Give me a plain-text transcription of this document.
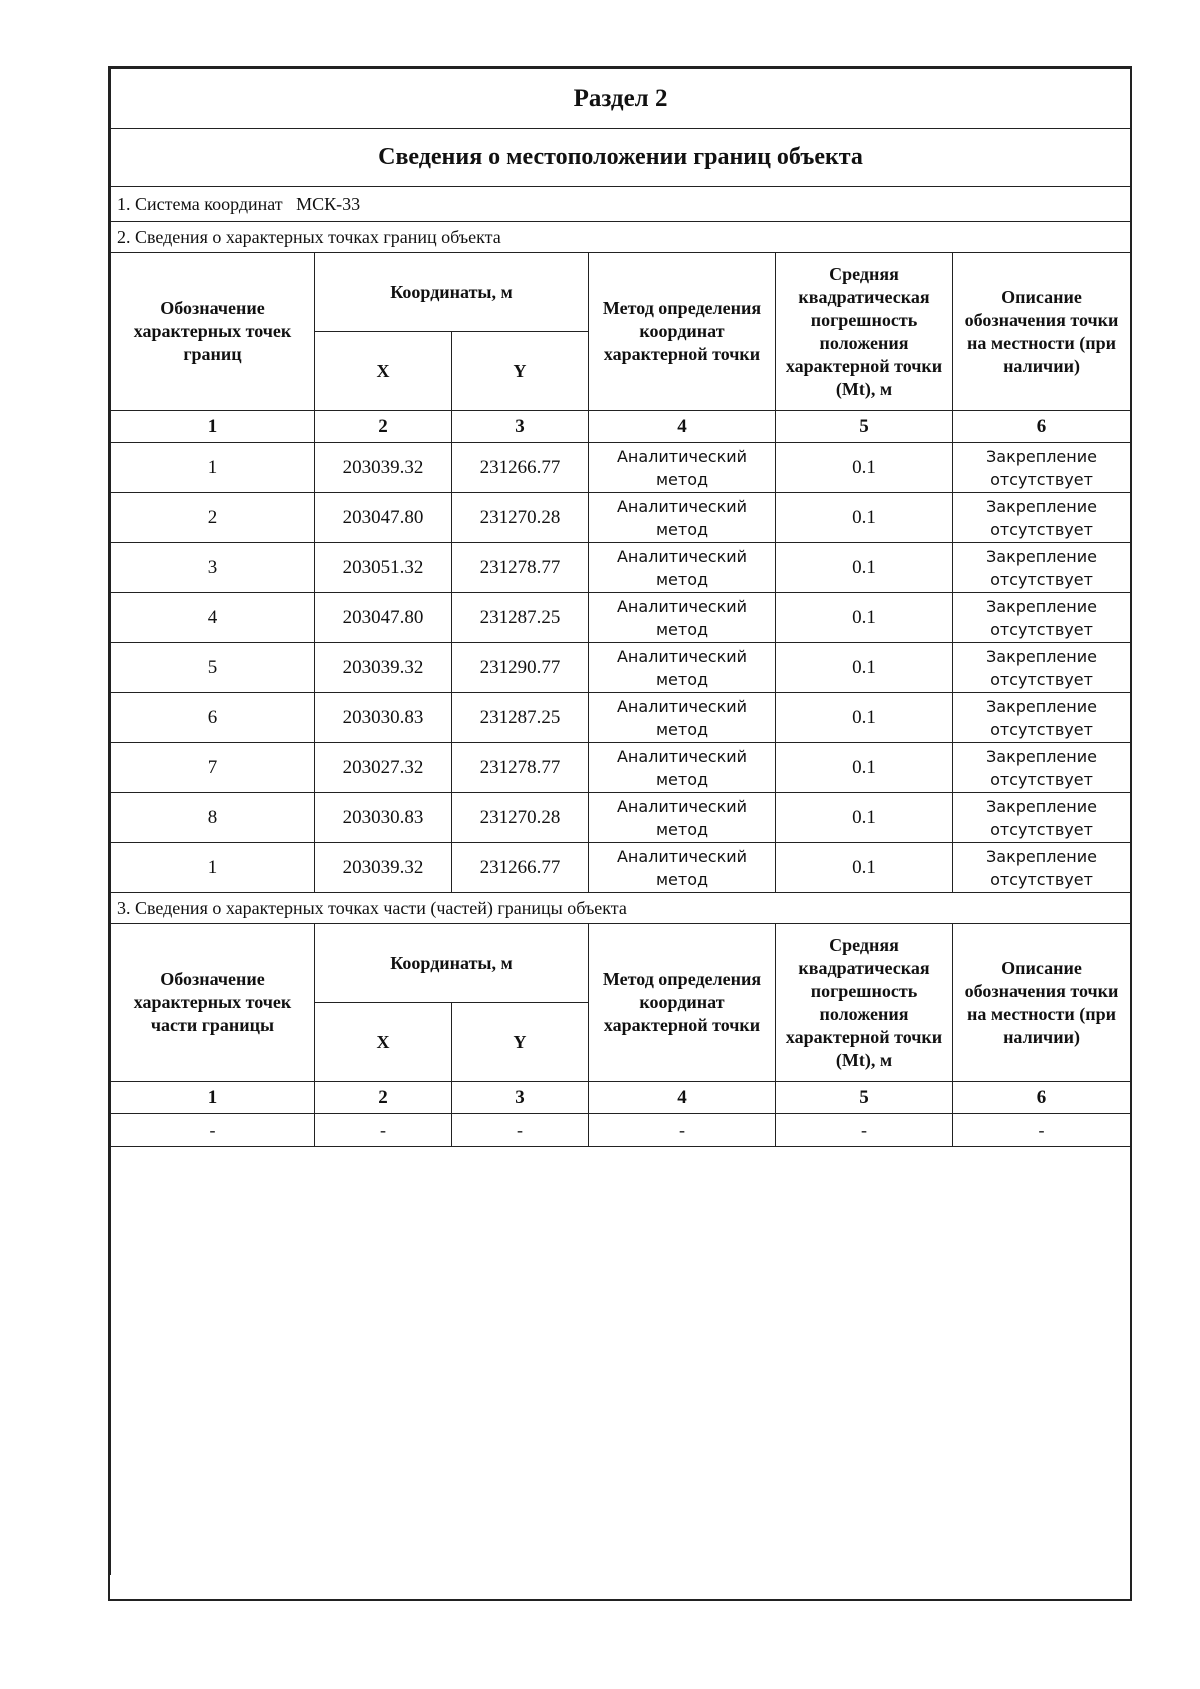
Раздел 2					
Сведения о местоположении границ объекта					
1. Система координат МСК-33					
2. Сведения о характерных точках границ объекта					
Обозначение характерных точек границ	Координаты, м		Метод определения координат характерной точки	Средняя квадратическая погрешность положения характерной точки (Mt), м	Описание обозначения точки на местности (при наличии)
	X	Y			
1	2	3	4	5	6
1	203039.32	231266.77	Аналитический метод	0.1	Закрепление отсутствует
2	203047.80	231270.28	Аналитический метод	0.1	Закрепление отсутствует
3	203051.32	231278.77	Аналитический метод	0.1	Закрепление отсутствует
4	203047.80	231287.25	Аналитический метод	0.1	Закрепление отсутствует
5	203039.32	231290.77	Аналитический метод	0.1	Закрепление отсутствует
6	203030.83	231287.25	Аналитический метод	0.1	Закрепление отсутствует
7	203027.32	231278.77	Аналитический метод	0.1	Закрепление отсутствует
8	203030.83	231270.28	Аналитический метод	0.1	Закрепление отсутствует
1	203039.32	231266.77	Аналитический метод	0.1	Закрепление отсутствует
3. Сведения о характерных точках части (частей) границы объекта					
Обозначение характерных точек части границы	Координаты, м		Метод определения координат характерной точки	Средняя квадратическая погрешность положения характерной точки (Mt), м	Описание обозначения точки на местности (при наличии)
	X	Y			
1	2	3	4	5	6
-	-	-	-	-	-
